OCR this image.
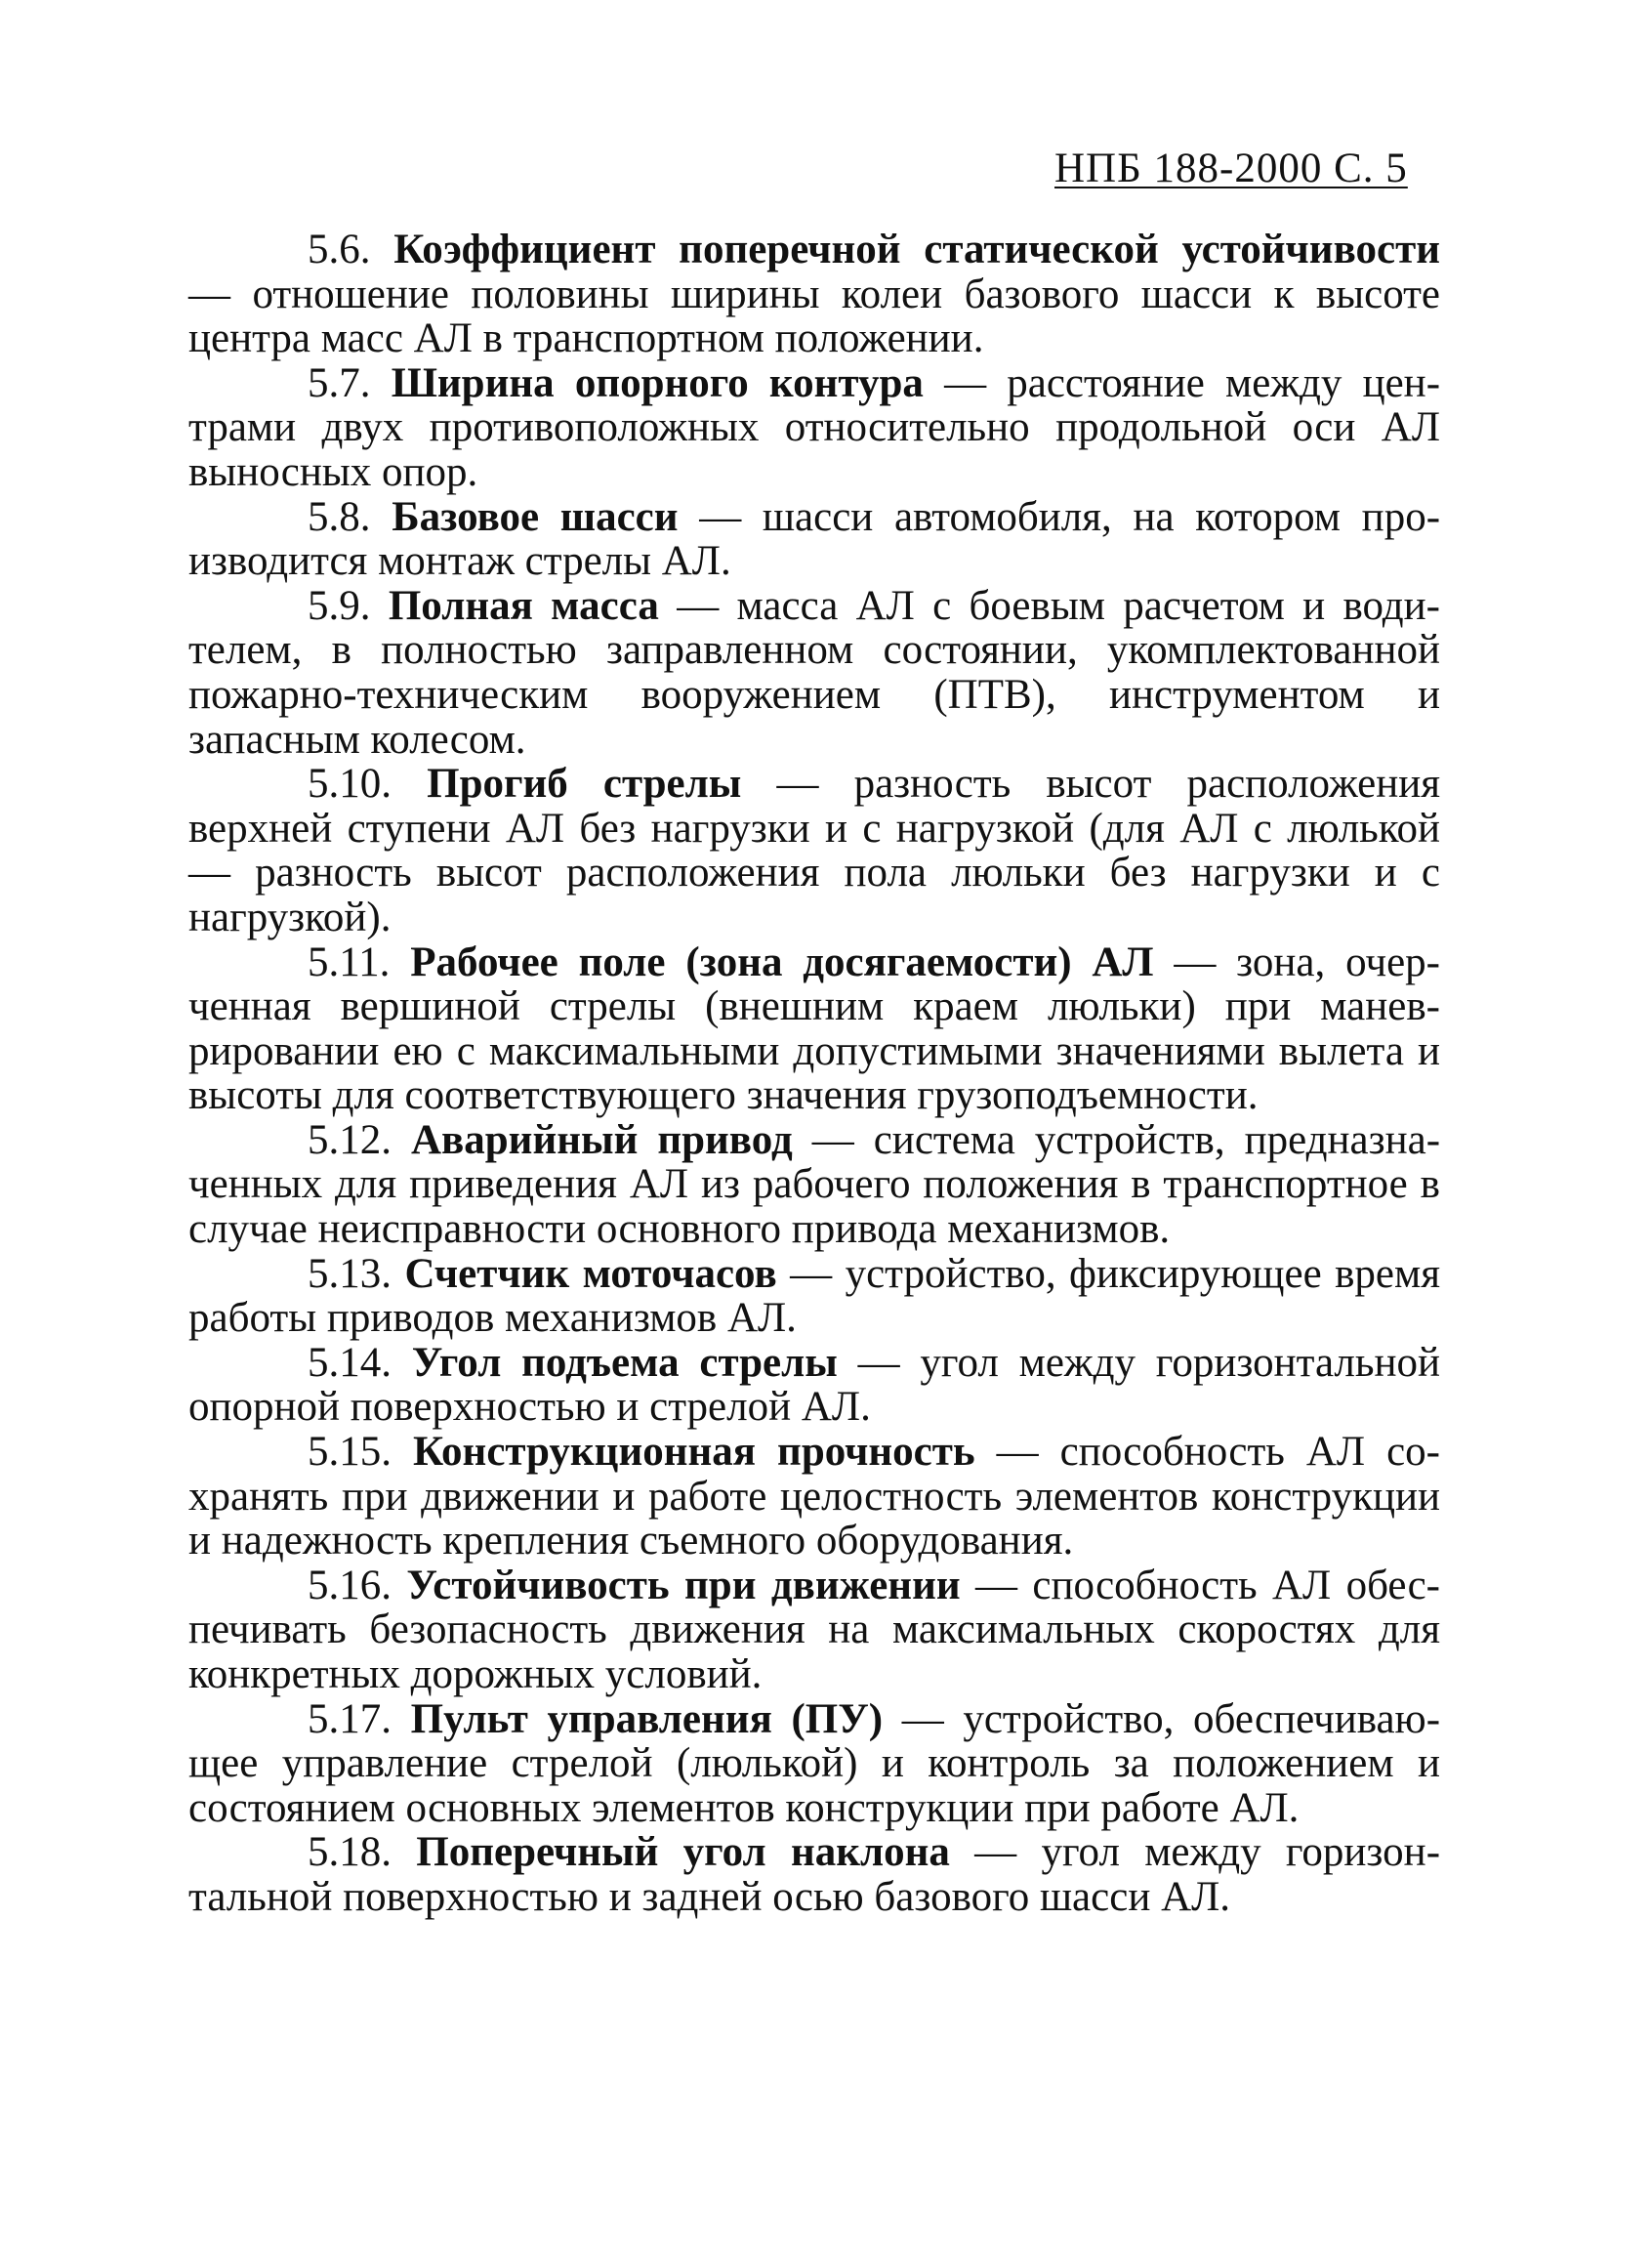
НПБ 188-2000 С. 5

5.6. Коэффициент поперечной статической устойчивости — отношение половины ширины колеи базового шасси к высоте центра масс АЛ в транспортном положении.

5.7. Ширина опорного контура — расстояние между центрами двух противоположных относительно продольной оси АЛ выносных опор.

5.8. Базовое шасси — шасси автомобиля, на котором производится монтаж стрелы АЛ.

5.9. Полная масса — масса АЛ с боевым расчетом и водителем, в полностью заправленном состоянии, укомплектованной пожарно-техническим вооружением (ПТВ), инструментом и запасным колесом.

5.10. Прогиб стрелы — разность высот расположения верхней ступени АЛ без нагрузки и с нагрузкой (для АЛ с люлькой — разность высот расположения пола люльки без нагрузки и с нагрузкой).

5.11. Рабочее поле (зона досягаемости) АЛ — зона, очерченная вершиной стрелы (внешним краем люльки) при маневрировании ею с максимальными допустимыми значениями вылета и высоты для соответствующего значения грузоподъемности.

5.12. Аварийный привод — система устройств, предназначенных для приведения АЛ из рабочего положения в транспортное в случае неисправности основного привода механизмов.

5.13. Счетчик моточасов — устройство, фиксирующее время работы приводов механизмов АЛ.

5.14. Угол подъема стрелы — угол между горизонтальной опорной поверхностью и стрелой АЛ.

5.15. Конструкционная прочность — способность АЛ сохранять при движении и работе целостность элементов конструкции и надежность крепления съемного оборудования.

5.16. Устойчивость при движении — способность АЛ обеспечивать безопасность движения на максимальных скоростях для конкретных дорожных условий.

5.17. Пульт управления (ПУ) — устройство, обеспечивающее управление стрелой (люлькой) и контроль за положением и состоянием основных элементов конструкции при работе АЛ.

5.18. Поперечный угол наклона — угол между горизонтальной поверхностью и задней осью базового шасси АЛ.
